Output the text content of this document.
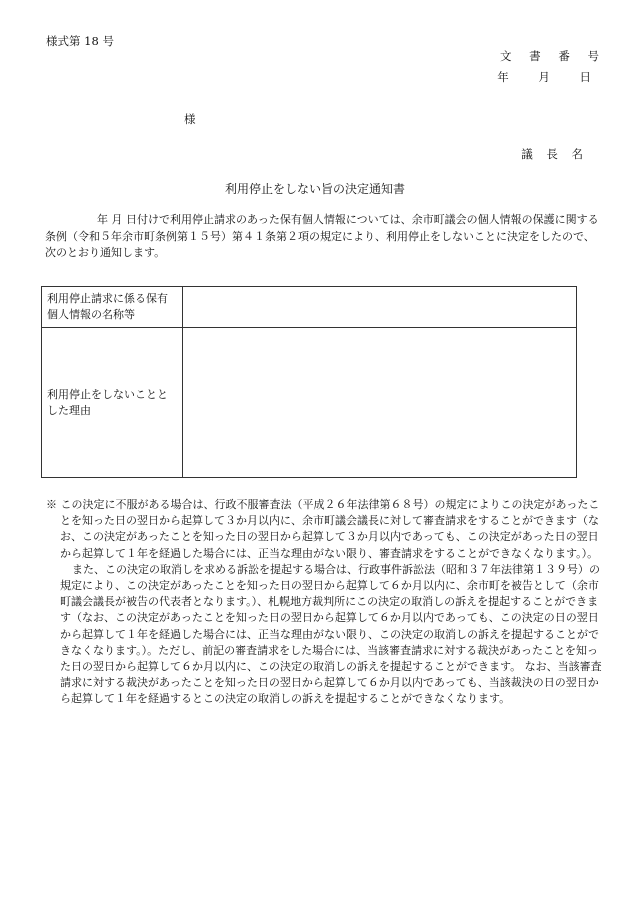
様式第 18 号
文 書 番 号
年 月 日
様
議 長 名
利用停止をしない旨の決定通知書

年 月 日付けで利用停止請求のあった保有個人情報については、余市町議会の個人情報の保護に関する条例（令和５年余市町条例第１５号）第４１条第２項の規定により、利用停止をしないことに決定をしたので、次のとおり通知します。

利用停止請求に係る保有個人情報の名称等	
利用停止をしないこととした理由	

※ この決定に不服がある場合は、行政不服審査法（平成２６年法律第６８号）の規定によりこの決定があったことを知った日の翌日から起算して３か月以内に、余市町議会議長に対して審査請求をすることができます（なお、この決定があったことを知った日の翌日から起算して３か月以内であっても、この決定があった日の翌日から起算して１年を経過した場合には、正当な理由がない限り、審査請求をすることができなくなります。）。

また、この決定の取消しを求める訴訟を提起する場合は、行政事件訴訟法（昭和３７年法律第１３９号）の規定により、この決定があったことを知った日の翌日から起算して６か月以内に、余市町を被告として（余市町議会議長が被告の代表者となります。）、札幌地方裁判所にこの決定の取消しの訴えを提起することができます（なお、この決定があったことを知った日の翌日から起算して６か月以内であっても、この決定の日の翌日から起算して１年を経過した場合には、正当な理由がない限り、この決定の取消しの訴えを提起することができなくなります。）。ただし、前記の審査請求をした場合には、当該審査請求に対する裁決があったことを知った日の翌日から起算して６か月以内に、この決定の取消しの訴えを提起することができます。 なお、当該審査請求に対する裁決があったことを知った日の翌日から起算して６か月以内であっても、当該裁決の日の翌日から起算して１年を経過するとこの決定の取消しの訴えを提起することができなくなります。
